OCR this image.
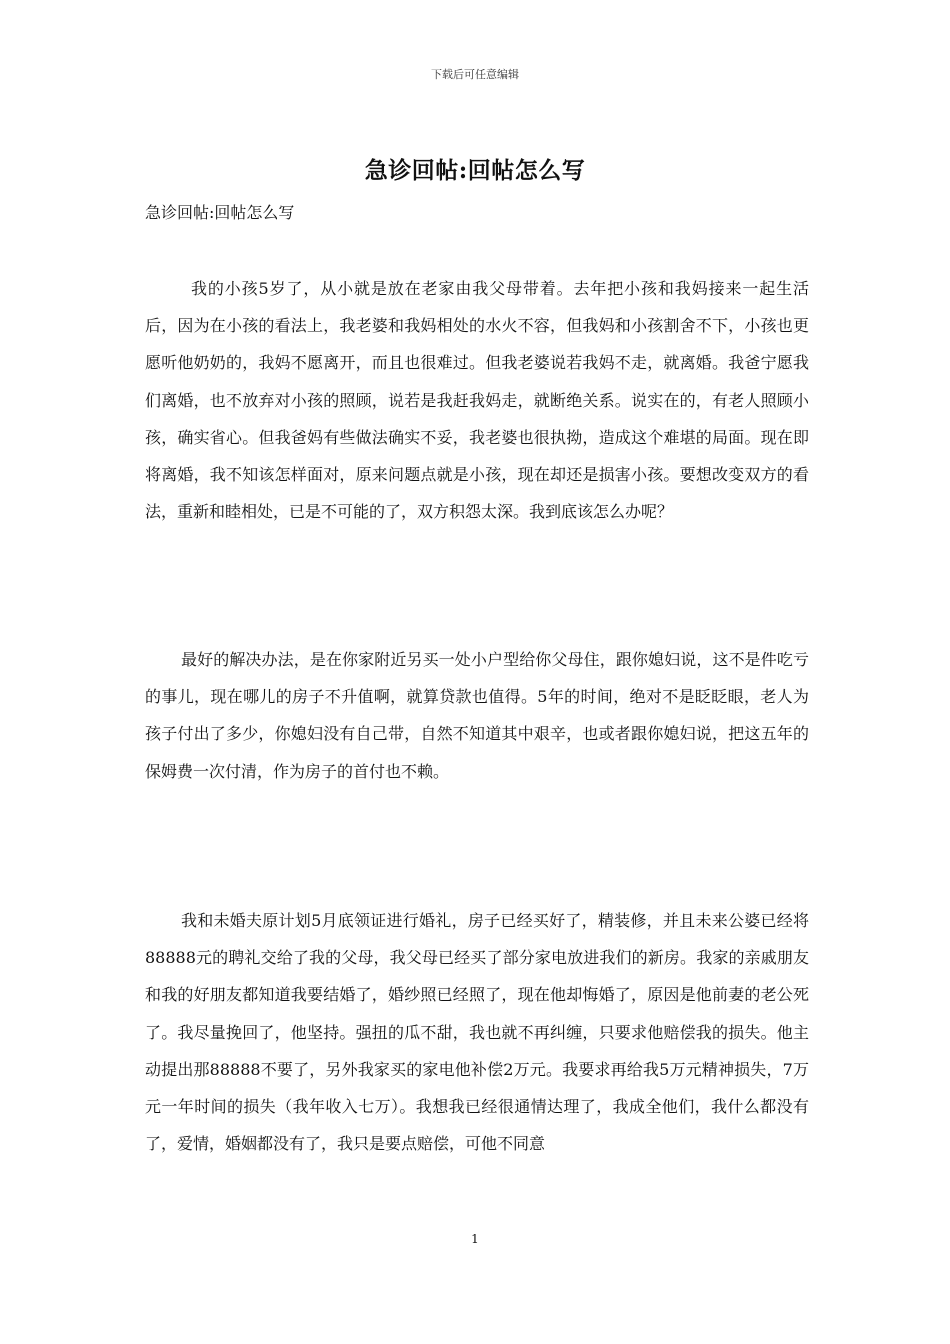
下载后可任意编辑
急诊回帖:回帖怎么写
急诊回帖:回帖怎么写

我的小孩5岁了，从小就是放在老家由我父母带着。去年把小孩和我妈接来一起生活后，因为在小孩的看法上，我老婆和我妈相处的水火不容，但我妈和小孩割舍不下，小孩也更愿听他奶奶的，我妈不愿离开，而且也很难过。但我老婆说若我妈不走，就离婚。我爸宁愿我们离婚，也不放弃对小孩的照顾，说若是我赶我妈走，就断绝关系。说实在的，有老人照顾小孩，确实省心。但我爸妈有些做法确实不妥，我老婆也很执拗，造成这个难堪的局面。现在即将离婚，我不知该怎样面对，原来问题点就是小孩，现在却还是损害小孩。要想改变双方的看法，重新和睦相处，已是不可能的了，双方积怨太深。我到底该怎么办呢？

最好的解决办法，是在你家附近另买一处小户型给你父母住，跟你媳妇说，这不是件吃亏的事儿，现在哪儿的房子不升值啊，就算贷款也值得。5年的时间，绝对不是眨眨眼，老人为孩子付出了多少，你媳妇没有自己带，自然不知道其中艰辛，也或者跟你媳妇说，把这五年的保姆费一次付清，作为房子的首付也不赖。

我和未婚夫原计划5月底领证进行婚礼，房子已经买好了，精装修，并且未来公婆已经将88888元的聘礼交给了我的父母，我父母已经买了部分家电放进我们的新房。我家的亲戚朋友和我的好朋友都知道我要结婚了，婚纱照已经照了，现在他却悔婚了，原因是他前妻的老公死了。我尽量挽回了，他坚持。强扭的瓜不甜，我也就不再纠缠，只要求他赔偿我的损失。他主动提出那88888不要了，另外我家买的家电他补偿2万元。我要求再给我5万元精神损失，7万元一年时间的损失（我年收入七万）。我想我已经很通情达理了，我成全他们，我什么都没有了，爱情，婚姻都没有了，我只是要点赔偿，可他不同意

1
